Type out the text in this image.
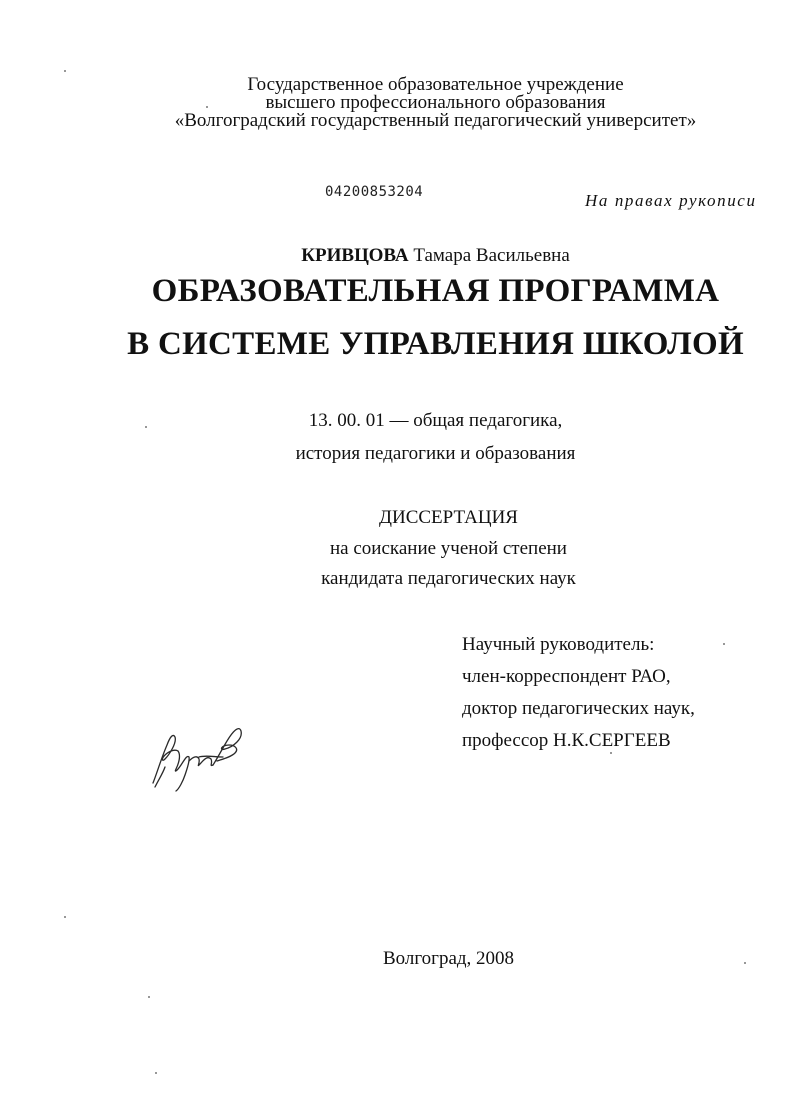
Государственное образовательное учреждение
высшего профессионального образования
«Волгоградский государственный педагогический университет»
04200853204	На правах рукописи
КРИВЦОВА Тамара Васильевна
ОБРАЗОВАТЕЛЬНАЯ ПРОГРАММА
В СИСТЕМЕ УПРАВЛЕНИЯ ШКОЛОЙ
13. 00. 01 — общая педагогика,
история педагогики и образования
ДИССЕРТАЦИЯ
на соискание ученой степени
кандидата педагогических наук
Научный руководитель:
член-корреспондент РАО,
доктор педагогических наук,
профессор Н.К.СЕРГЕЕВ
Волгоград, 2008
